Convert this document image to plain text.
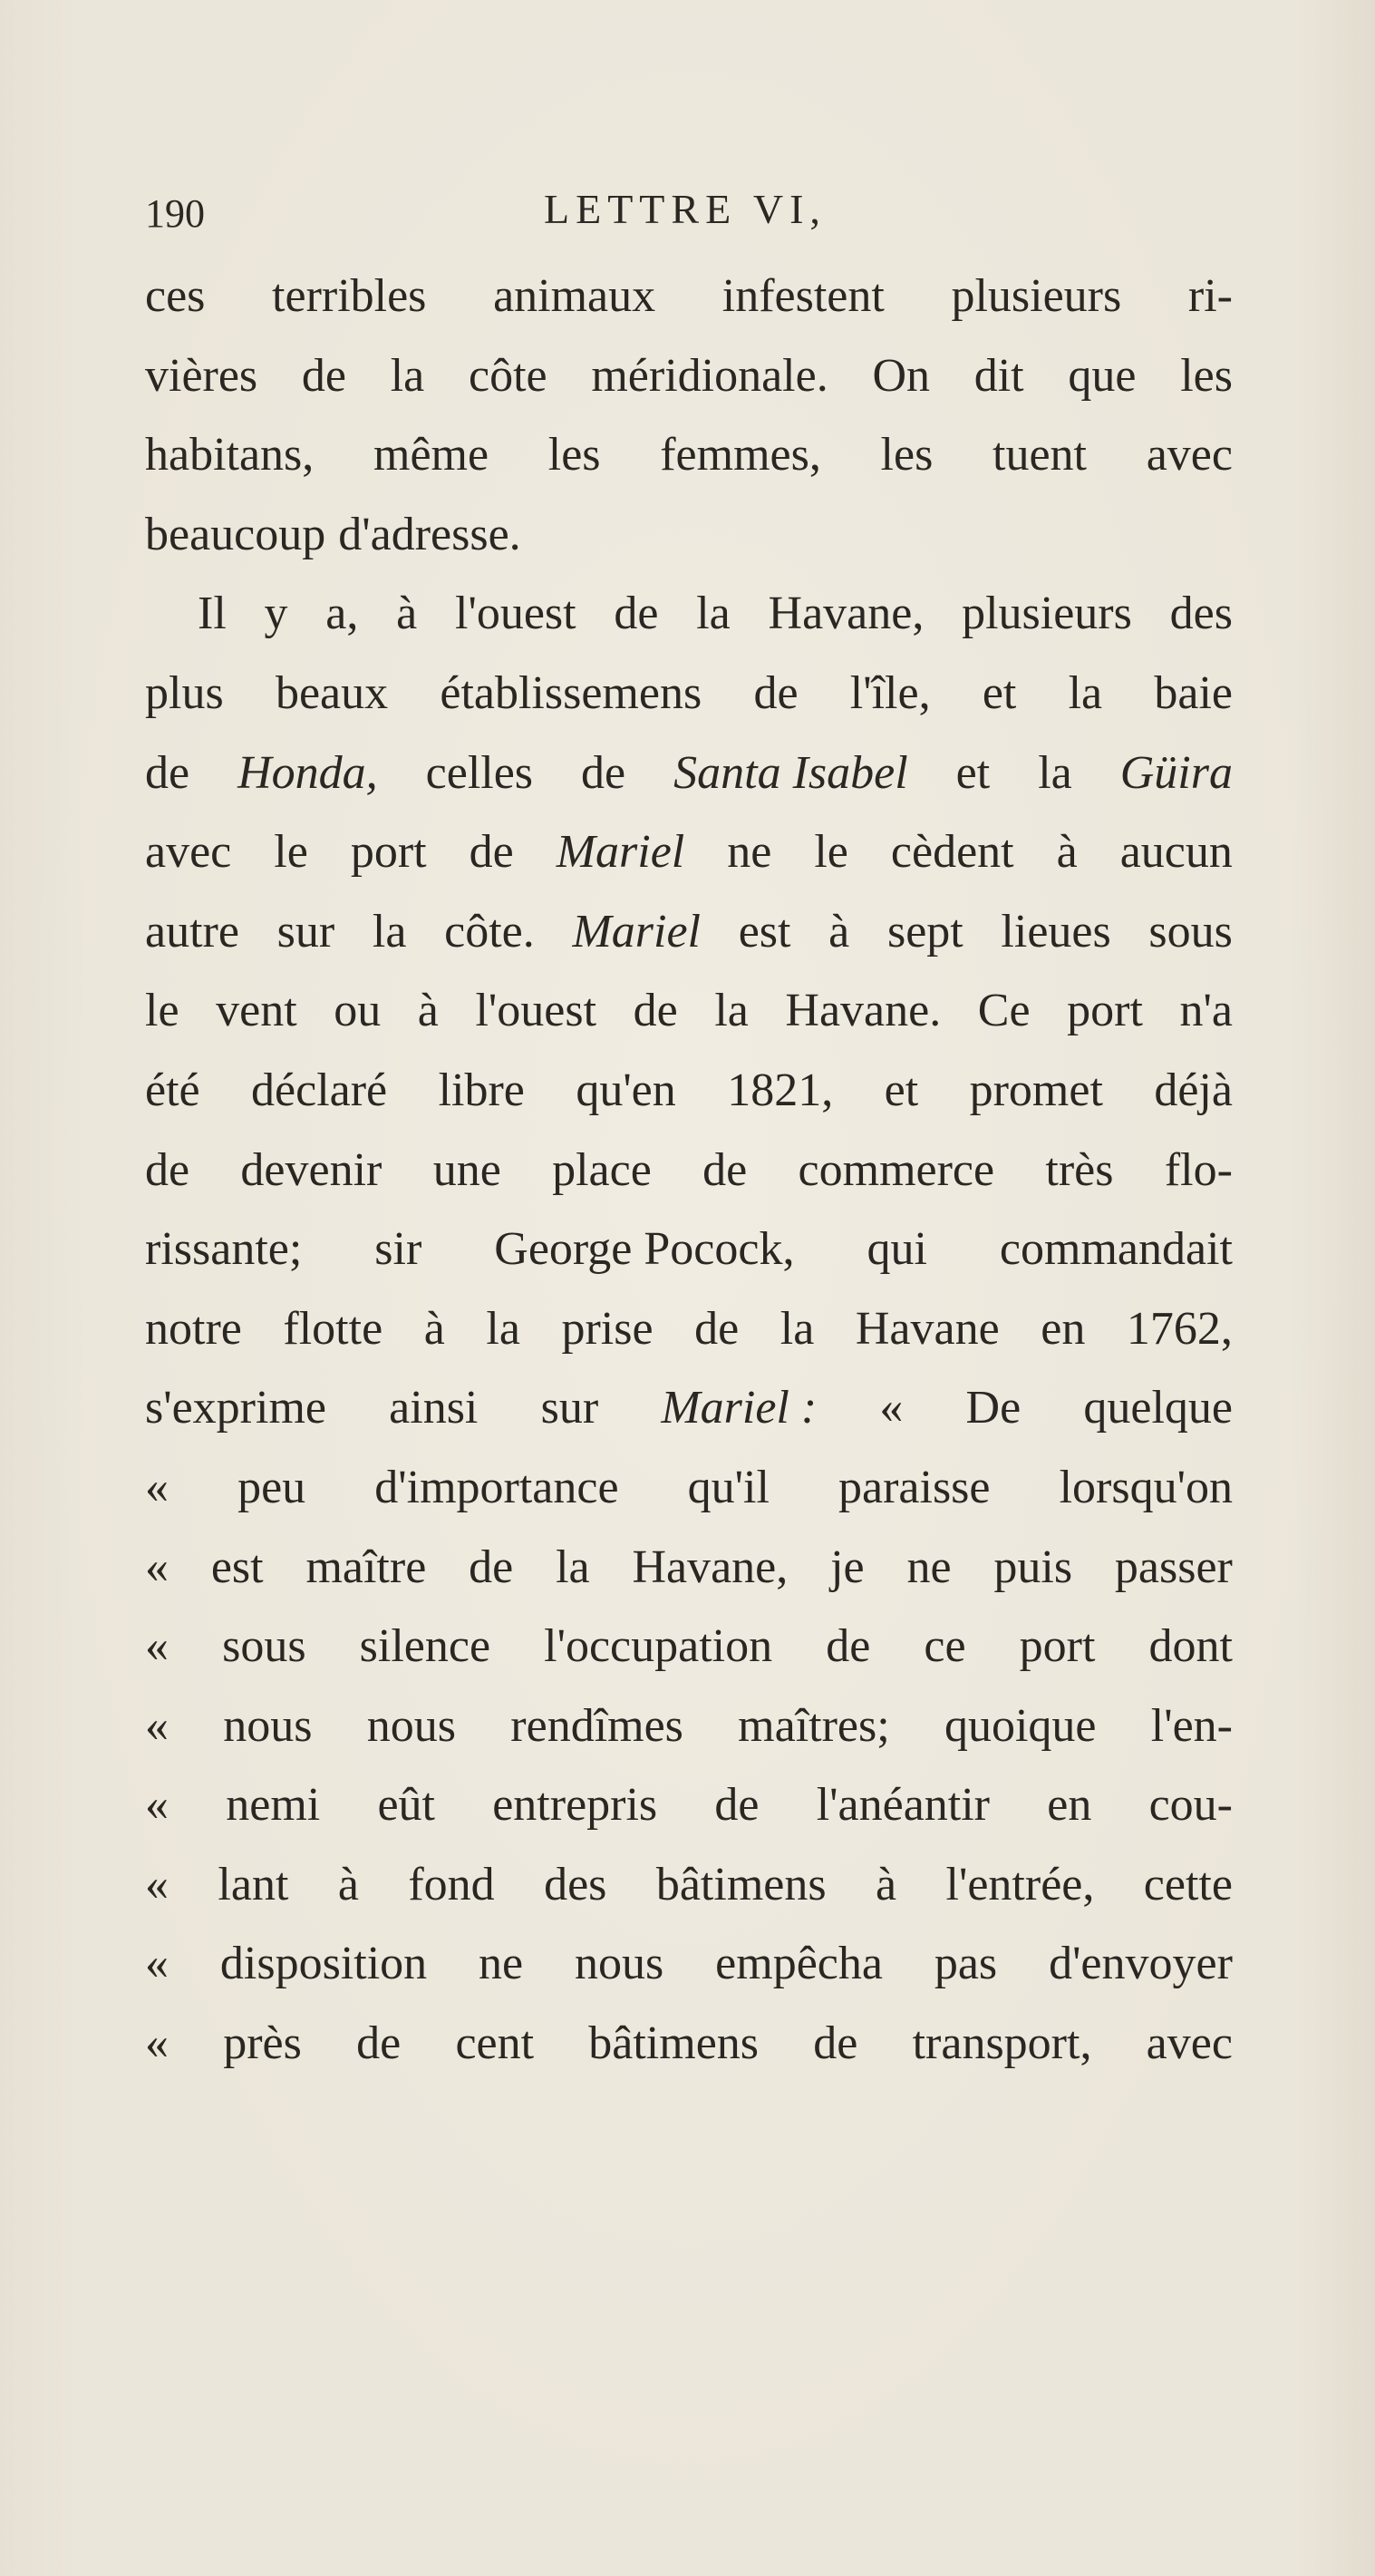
190	LETTRE VI,
ces terribles animaux infestent plusieurs ri-
vières de la côte méridionale. On dit que les
habitans, même les femmes, les tuent avec
beaucoup d'adresse.
Il y a, à l'ouest de la Havane, plusieurs des
plus beaux établissemens de l'île, et la baie
de Honda, celles de Santa Isabel et la Güira
avec le port de Mariel ne le cèdent à aucun
autre sur la côte. Mariel est à sept lieues sous
le vent ou à l'ouest de la Havane. Ce port n'a
été déclaré libre qu'en 1821, et promet déjà
de devenir une place de commerce très flo-
rissante; sir George Pocock, qui commandait
notre flotte à la prise de la Havane en 1762,
s'exprime ainsi sur Mariel : « De quelque
« peu d'importance qu'il paraisse lorsqu'on
« est maître de la Havane, je ne puis passer
« sous silence l'occupation de ce port dont
« nous nous rendîmes maîtres; quoique l'en-
« nemi eût entrepris de l'anéantir en cou-
« lant à fond des bâtimens à l'entrée, cette
« disposition ne nous empêcha pas d'envoyer
« près de cent bâtimens de transport, avec
